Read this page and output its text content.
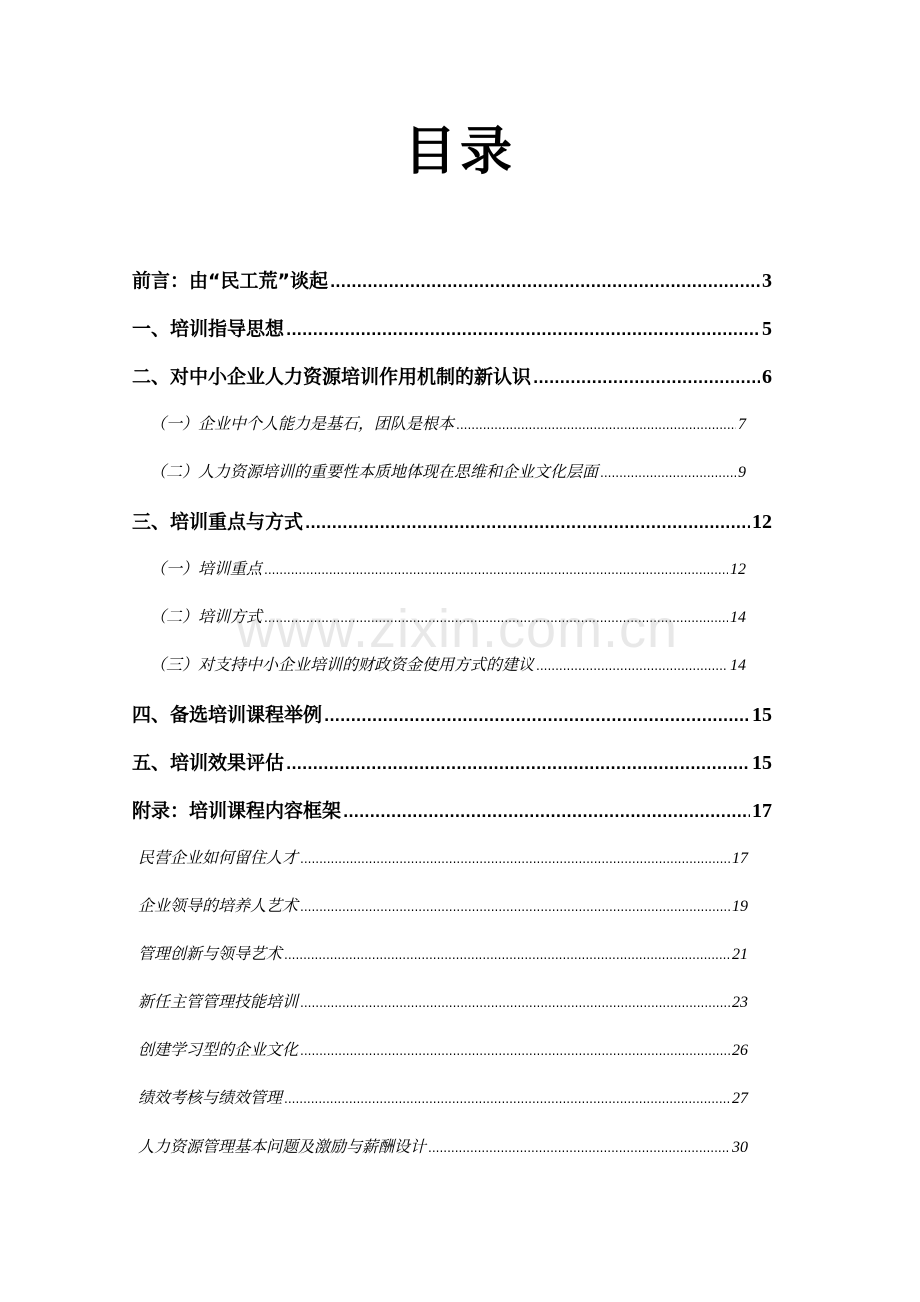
目录
前言：由“民工荒”谈起 .....	3
一、培训指导思想 .....	5
二、对中小企业人力资源培训作用机制的新认识 .....	6
（一）企业中个人能力是基石，团队是根本 .....	7
（二）人力资源培训的重要性本质地体现在思维和企业文化层面 .....	9
三、培训重点与方式 .....	12
（一）培训重点 .....	12
（二）培训方式 .....	14
（三）对支持中小企业培训的财政资金使用方式的建议 .....	14
四、备选培训课程举例 .....	15
五、培训效果评估 .....	15
附录：培训课程内容框架 .....	17
民营企业如何留住人才 .....	17
企业领导的培养人艺术 .....	19
管理创新与领导艺术 .....	21
新任主管管理技能培训 .....	23
创建学习型的企业文化 .....	26
绩效考核与绩效管理 .....	27
人力资源管理基本问题及激励与薪酬设计 .....	30
www.zixin.com.cn
